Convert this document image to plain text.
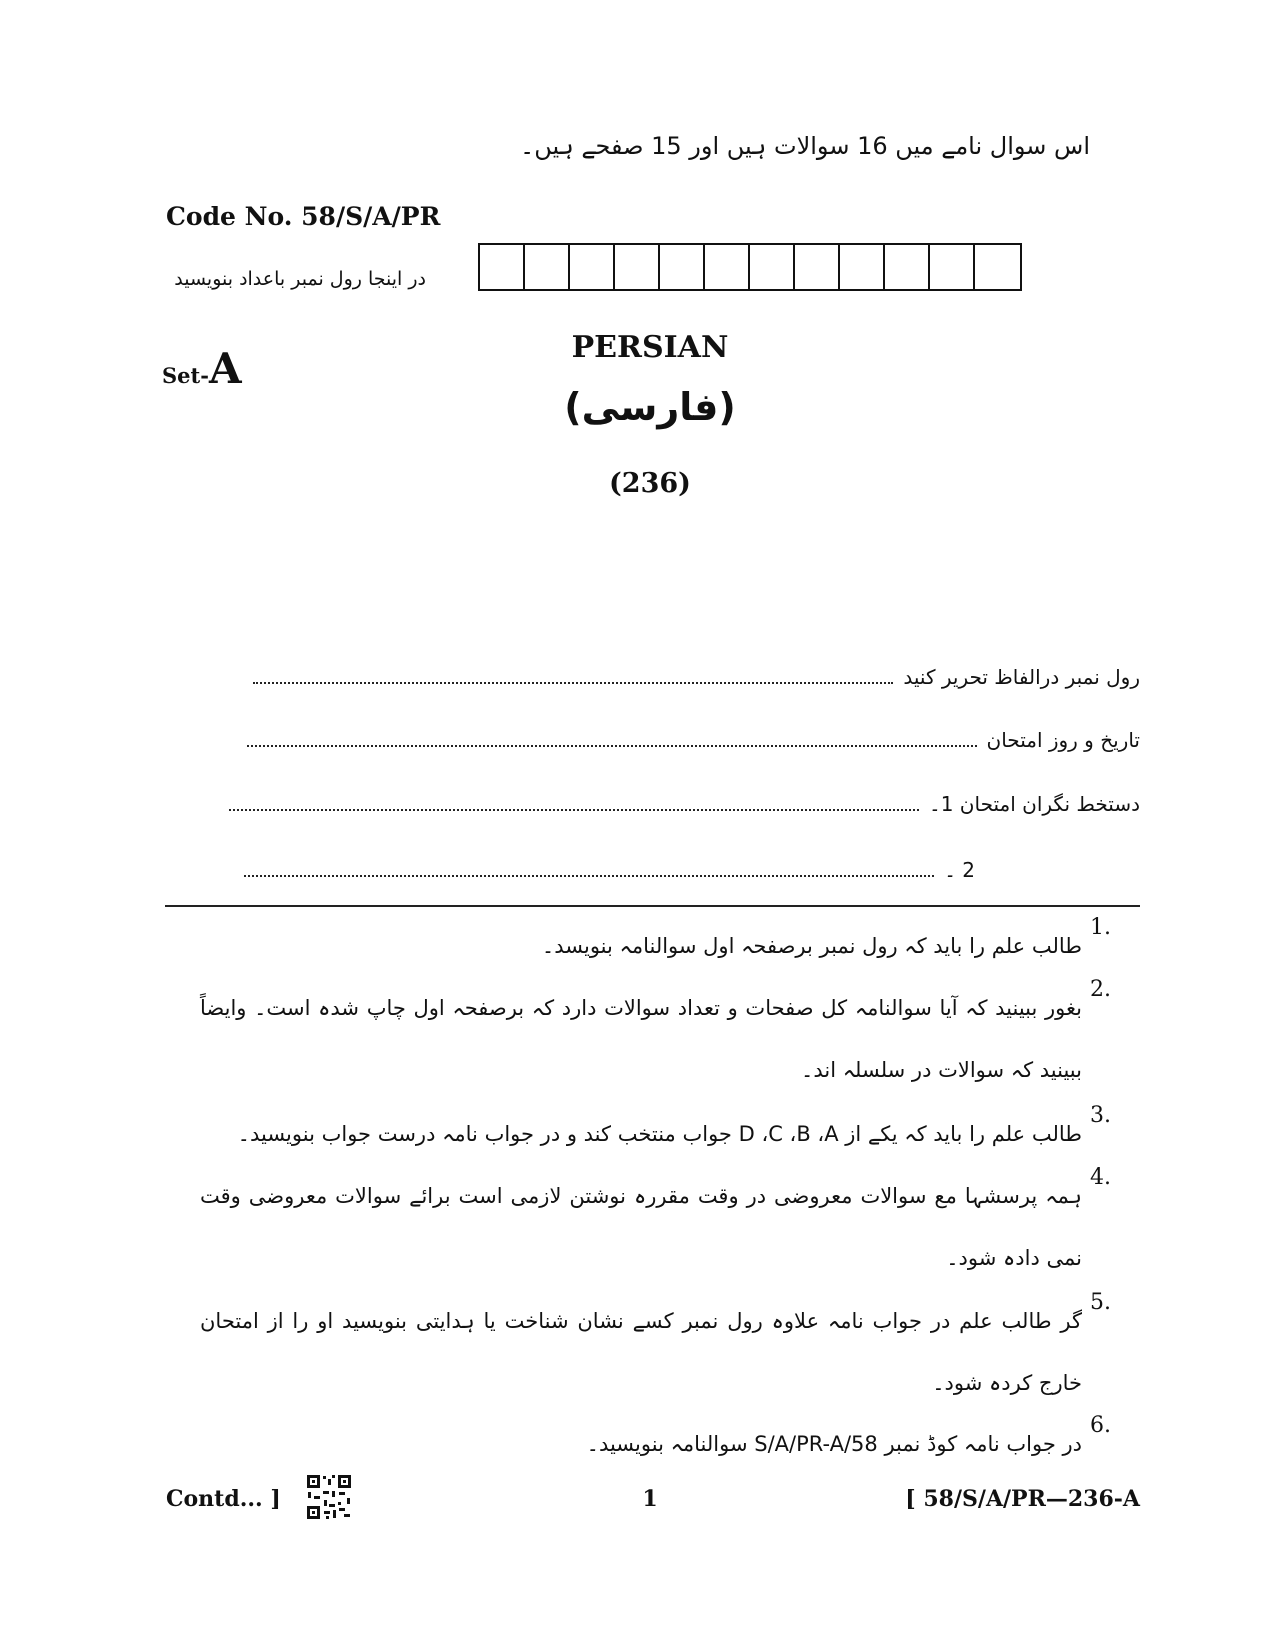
اس سوال نامے میں 16 سوالات ہیں اور 15 صفحے ہیں۔
Code No. 58/S/A/PR
در اینجا رول نمبر باعداد بنویسید
Set-A	PERSIAN
(فارسی)
(236)
رول نمبر درالفاظ تحریر کنید
تاریخ و روز امتحان
دستخط نگران امتحان 1۔
2 ۔
1.
طالب علم را باید کہ رول نمبر برصفحہ اول سوالنامہ بنویسد۔
2.
بغور ببینید کہ آیا سوالنامہ کل صفحات و تعداد سوالات دارد کہ برصفحہ اول چاپ شدہ است۔ وایضاً ببینید کہ سوالات در سلسلہ اند۔
3.
طالب علم را باید کہ یکے از D ،C ،B ،A جواب منتخب کند و در جواب نامہ درست جواب بنویسید۔
4.
ہمہ پرسشہا مع سوالات معروضی در وقت مقررہ نوشتن لازمی است برائے سوالات معروضی وقت نمی دادہ شود۔
5.
گر طالب علم در جواب نامہ علاوہ رول نمبر کسے نشان شناخت یا ہدایتی بنویسید او را از امتحان خارج کردہ شود۔
6.
در جواب نامہ کوڈ نمبر 58/S/A/PR-A سوالنامہ بنویسید۔
Contd... ]	1	[ 58/S/A/PR—236-A
